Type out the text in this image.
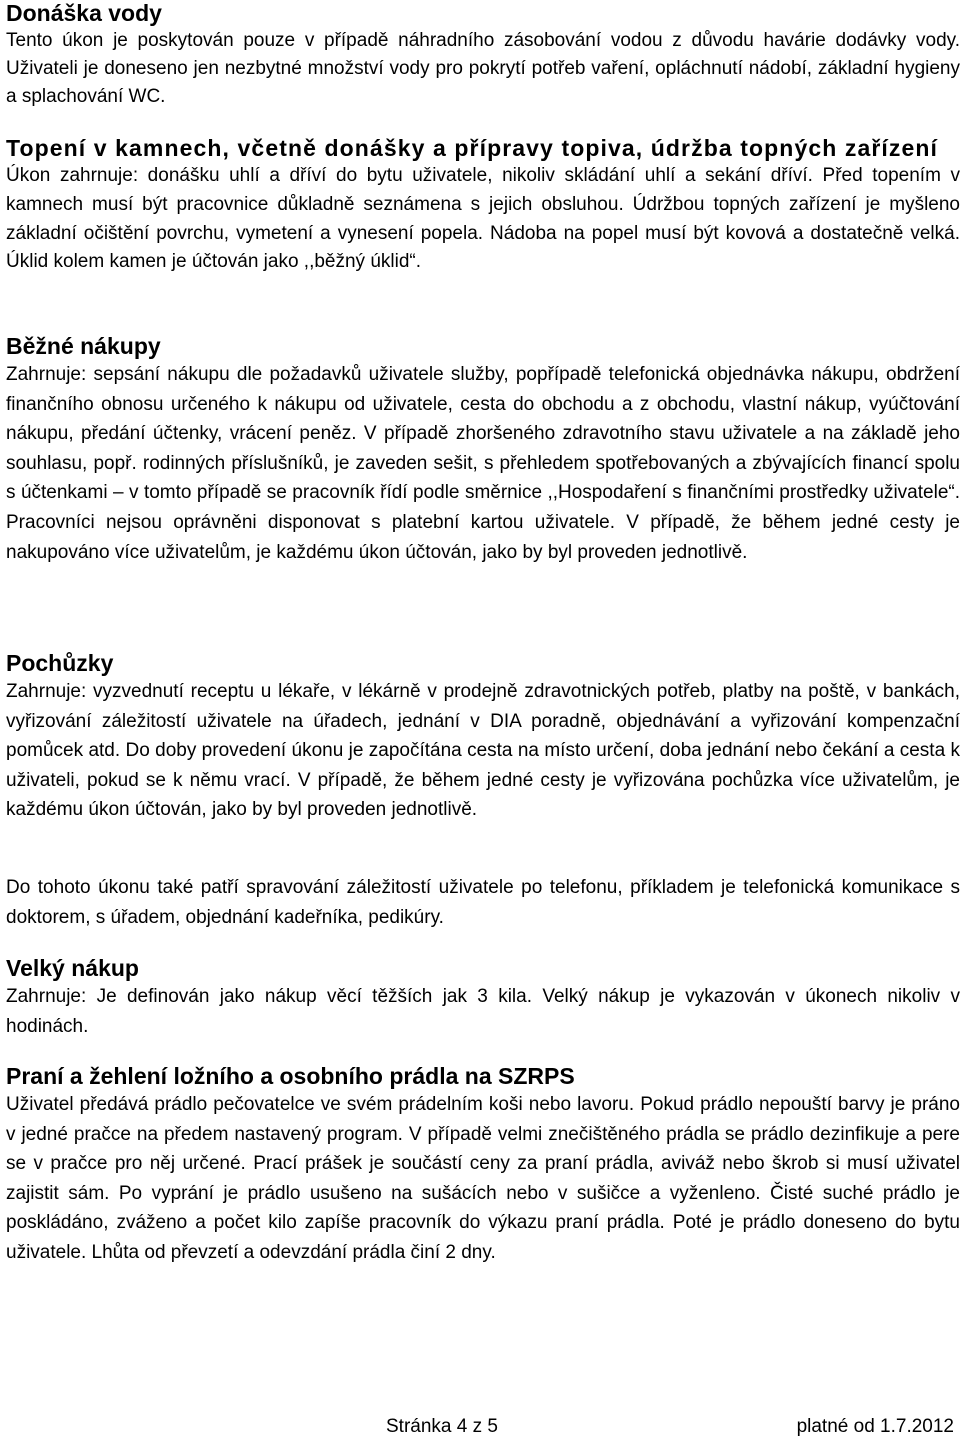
Donáška vody

Tento úkon je poskytován pouze v případě náhradního zásobování vodou z důvodu havárie dodávky vody. Uživateli je doneseno jen nezbytné množství vody pro pokrytí potřeb vaření, opláchnutí nádobí, základní hygieny a splachování WC.

Topení v kamnech, včetně donášky a přípravy topiva, údržba topných zařízení

Úkon zahrnuje: donášku uhlí a dříví do bytu uživatele, nikoliv skládání uhlí a sekání dříví. Před topením v kamnech musí být pracovnice důkladně seznámena s jejich obsluhou. Údržbou topných zařízení je myšleno základní očištění povrchu, vymetení a vynesení popela. Nádoba na popel musí být kovová a dostatečně velká. Úklid kolem kamen je účtován jako ,,běžný úklid“.

Běžné nákupy

Zahrnuje: sepsání nákupu dle požadavků uživatele služby, popřípadě telefonická objednávka nákupu, obdržení finančního obnosu určeného k nákupu od uživatele, cesta do obchodu a z obchodu, vlastní nákup, vyúčtování nákupu, předání účtenky, vrácení peněz. V případě zhoršeného zdravotního stavu uživatele a na základě jeho souhlasu, popř. rodinných příslušníků, je zaveden sešit, s přehledem spotřebovaných a zbývajících financí spolu s účtenkami – v tomto případě se pracovník řídí podle směrnice ,,Hospodaření s finančními prostředky uživatele“. Pracovníci nejsou oprávněni disponovat s platební kartou uživatele. V případě, že během jedné cesty je nakupováno více uživatelům, je každému úkon účtován, jako by byl proveden jednotlivě.

Pochůzky

Zahrnuje: vyzvednutí receptu u lékaře, v lékárně v prodejně zdravotnických potřeb, platby na poště, v bankách, vyřizování záležitostí uživatele na úřadech, jednání v DIA poradně, objednávání a vyřizování kompenzační pomůcek atd. Do doby provedení úkonu je započítána cesta na místo určení, doba jednání nebo čekání a cesta k uživateli, pokud se k němu vrací. V případě, že během jedné cesty je vyřizována pochůzka více uživatelům, je každému úkon účtován, jako by byl proveden jednotlivě.

Do tohoto úkonu také patří spravování záležitostí uživatele po telefonu, příkladem je telefonická komunikace s doktorem, s úřadem, objednání kadeřníka, pedikúry.

Velký nákup

Zahrnuje: Je definován jako nákup věcí těžších jak 3 kila. Velký nákup je vykazován v úkonech nikoliv v hodinách.

Praní a žehlení ložního a osobního prádla na SZRPS

Uživatel předává prádlo pečovatelce ve svém prádelním koši nebo lavoru. Pokud prádlo nepouští barvy je práno v jedné pračce na předem nastavený program. V případě velmi znečištěného prádla se prádlo dezinfikuje a pere se v pračce pro něj určené. Prací prášek je součástí ceny za praní prádla, aviváž nebo škrob si musí uživatel zajistit sám. Po vyprání je prádlo usušeno na sušácích nebo v sušičce a vyženleno. Čisté suché prádlo je poskládáno, zváženo a počet kilo zapíše pracovník do výkazu praní prádla. Poté je prádlo doneseno do bytu uživatele. Lhůta od převzetí a odevzdání prádla činí 2 dny.

Stránka 4 z 5	platné od 1.7.2012
